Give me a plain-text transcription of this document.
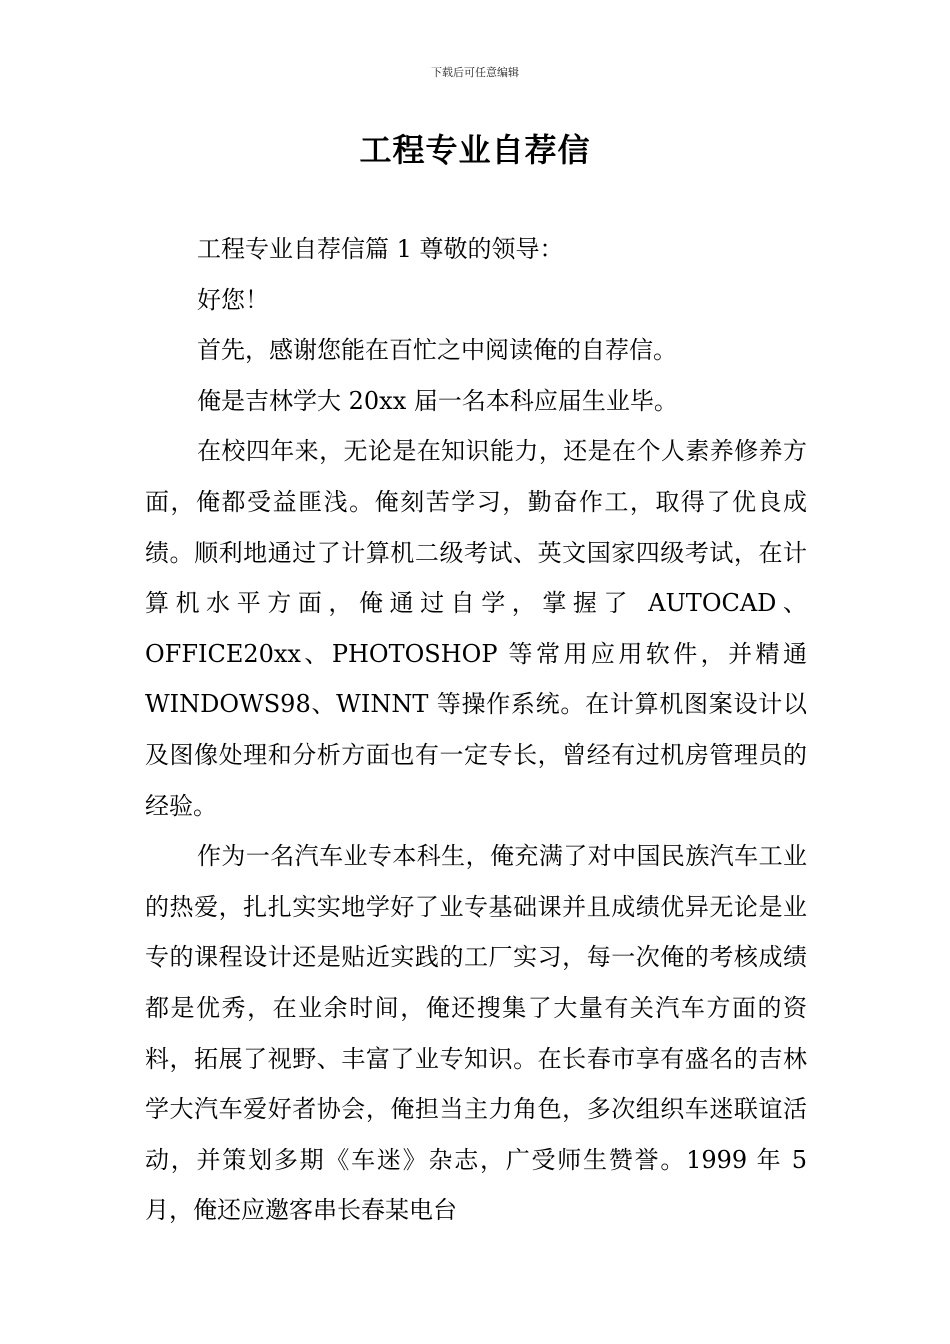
下载后可任意编辑
工程专业自荐信

工程专业自荐信篇 1 尊敬的领导：

好您！

首先，感谢您能在百忙之中阅读俺的自荐信。

俺是吉林学大 20xx 届一名本科应届生业毕。

在校四年来，无论是在知识能力，还是在个人素养修养方面，俺都受益匪浅。俺刻苦学习，勤奋作工，取得了优良成绩。顺利地通过了计算机二级考试、英文国家四级考试，在计算机水平方面，俺通过自学，掌握了 AUTOCAD、OFFICE20xx、PHOTOSHOP 等常用应用软件，并精通 WINDOWS98、WINNT 等操作系统。在计算机图案设计以及图像处理和分析方面也有一定专长，曾经有过机房管理员的经验。

作为一名汽车业专本科生，俺充满了对中国民族汽车工业的热爱，扎扎实实地学好了业专基础课并且成绩优异无论是业专的课程设计还是贴近实践的工厂实习，每一次俺的考核成绩都是优秀，在业余时间，俺还搜集了大量有关汽车方面的资料，拓展了视野、丰富了业专知识。在长春市享有盛名的吉林学大汽车爱好者协会，俺担当主力角色，多次组织车迷联谊活动，并策划多期《车迷》杂志，广受师生赞誉。1999 年 5 月，俺还应邀客串长春某电台
